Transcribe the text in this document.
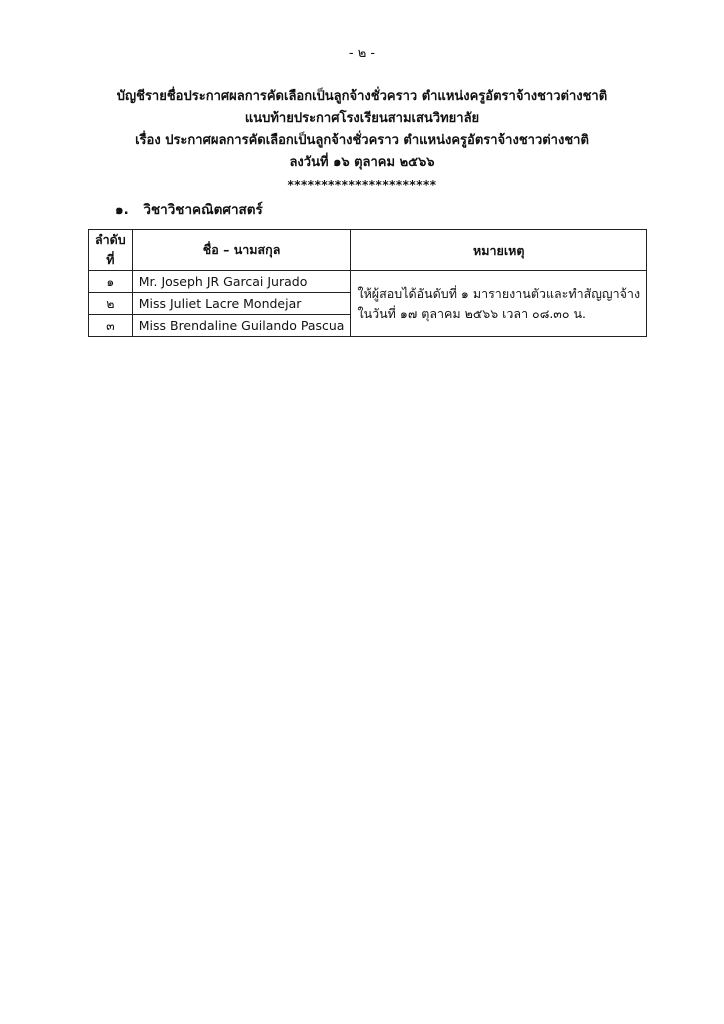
- ๒ -
บัญชีรายชื่อประกาศผลการคัดเลือกเป็นลูกจ้างชั่วคราว ตำแหน่งครูอัตราจ้างชาวต่างชาติ
แนบท้ายประกาศโรงเรียนสามเสนวิทยาลัย
เรื่อง ประกาศผลการคัดเลือกเป็นลูกจ้างชั่วคราว ตำแหน่งครูอัตราจ้างชาวต่างชาติ
ลงวันที่ ๑๖ ตุลาคม ๒๕๖๖
**********************
๑. วิชาวิชาคณิตศาสตร์
ลำดับที่	ชื่อ – นามสกุล	หมายเหตุ
๑	Mr. Joseph JR Garcai Jurado	ให้ผู้สอบได้อันดับที่ ๑ มารายงานตัวและทำสัญญาจ้าง
ในวันที่ ๑๗ ตุลาคม ๒๕๖๖ เวลา ๐๘.๓๐ น.

๒	Miss Juliet Lacre Mondejar	
๓	Miss Brendaline Guilando Pascua	
